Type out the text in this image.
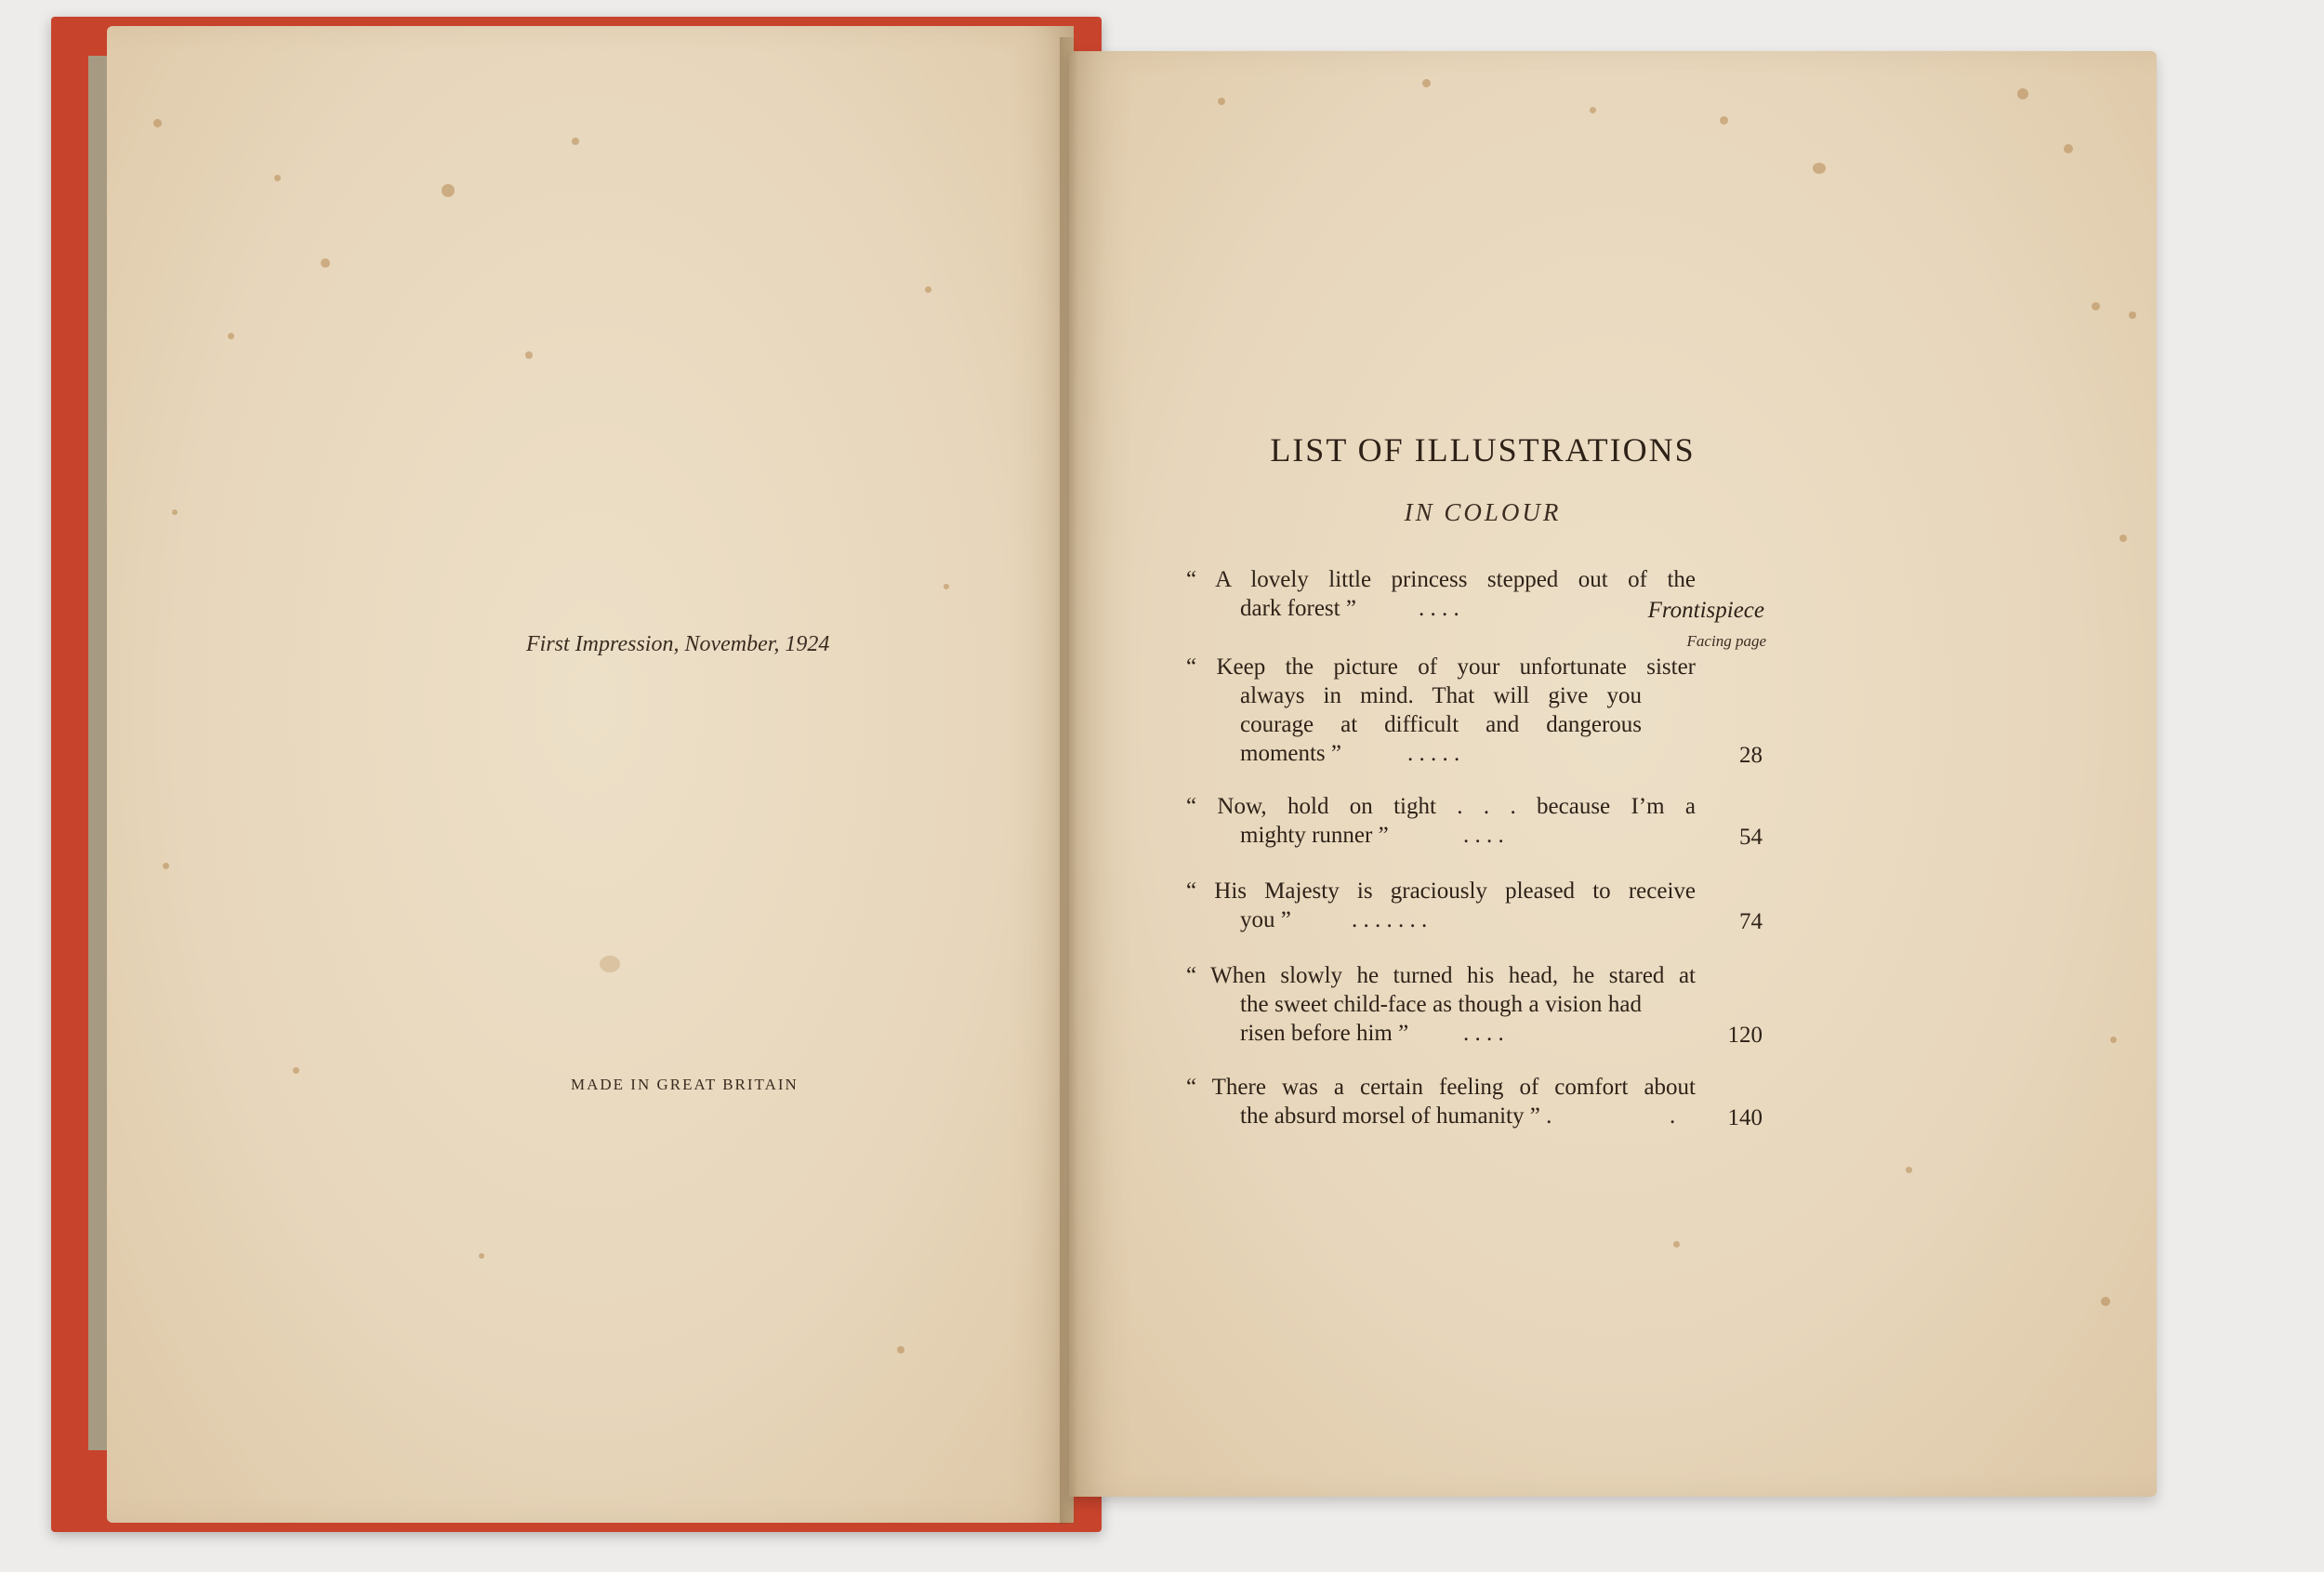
First Impression, November, 1924
MADE IN GREAT BRITAIN
LIST OF ILLUSTRATIONS
IN COLOUR
Facing page
“ A lovely little princess stepped out of the
dark forest ”	. . . .	Frontispiece
“ Keep the picture of your unfortunate sister
always in mind. That will give you
courage at difficult and dangerous
moments ”	. . . . .	28
“ Now, hold on tight . . . because I’m a
mighty runner ”	. . . .	54
“ His Majesty is graciously pleased to receive
you ”	. . . . . . .	74
“ When slowly he turned his head, he stared at
the sweet child-face as though a vision had
risen before him ” . . . .	120
“ There was a certain feeling of comfort about
the absurd morsel of humanity ” .	.	140
